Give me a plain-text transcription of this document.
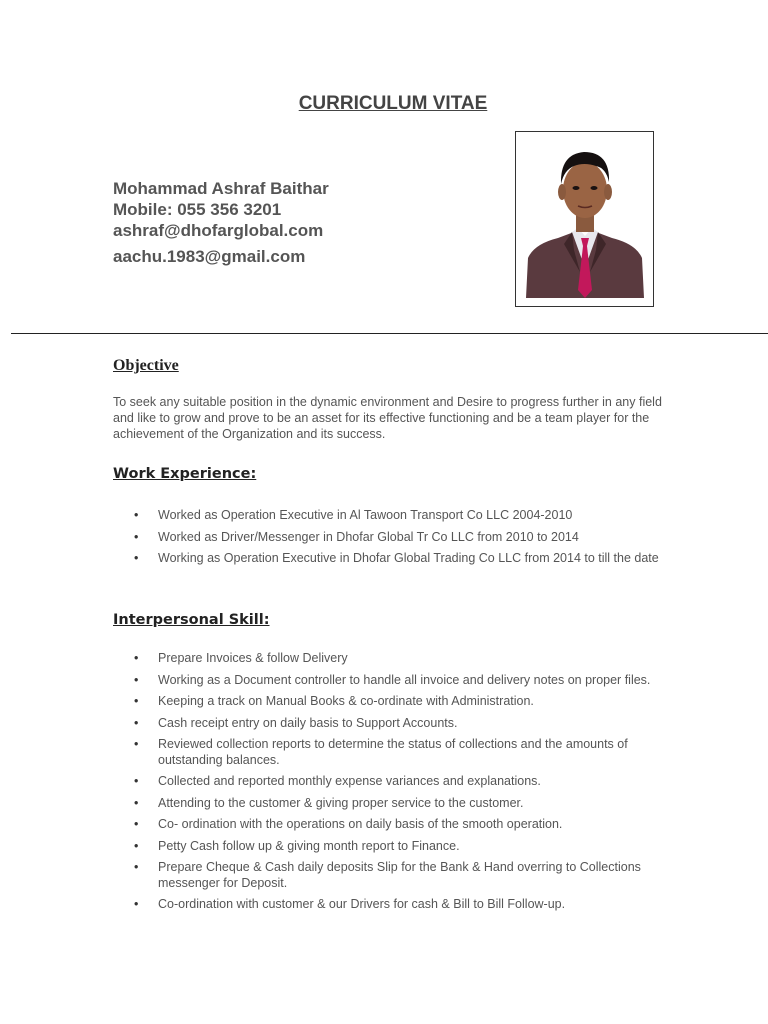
CURRICULUM VITAE
Mohammad Ashraf Baithar
Mobile: 055 356 3201
ashraf@dhofarglobal.com
aachu.1983@gmail.com
Objective

To seek any suitable position in the dynamic environment and Desire to progress further in any field and like to grow and prove to be an asset for its effective functioning and be a team player for the achievement of the Organization and its success.

Work Experience:
• Worked as Operation Executive in Al Tawoon Transport Co LLC 2004-2010
• Worked as Driver/Messenger in Dhofar Global Tr Co LLC from 2010 to 2014
• Working as Operation Executive in Dhofar Global Trading Co LLC from 2014 to till the date
Interpersonal Skill:
• Prepare Invoices & follow Delivery
• Working as a Document controller to handle all invoice and delivery notes on proper files.
• Keeping a track on Manual Books & co-ordinate with Administration.
• Cash receipt entry on daily basis to Support Accounts.
• Reviewed collection reports to determine the status of collections and the amounts of outstanding balances.
• Collected and reported monthly expense variances and explanations.
• Attending to the customer & giving proper service to the customer.
• Co- ordination with the operations on daily basis of the smooth operation.
• Petty Cash follow up & giving month report to Finance.
• Prepare Cheque & Cash daily deposits Slip for the Bank & Hand overring to Collections messenger for Deposit.
• Co-ordination with customer & our Drivers for cash & Bill to Bill Follow-up.
